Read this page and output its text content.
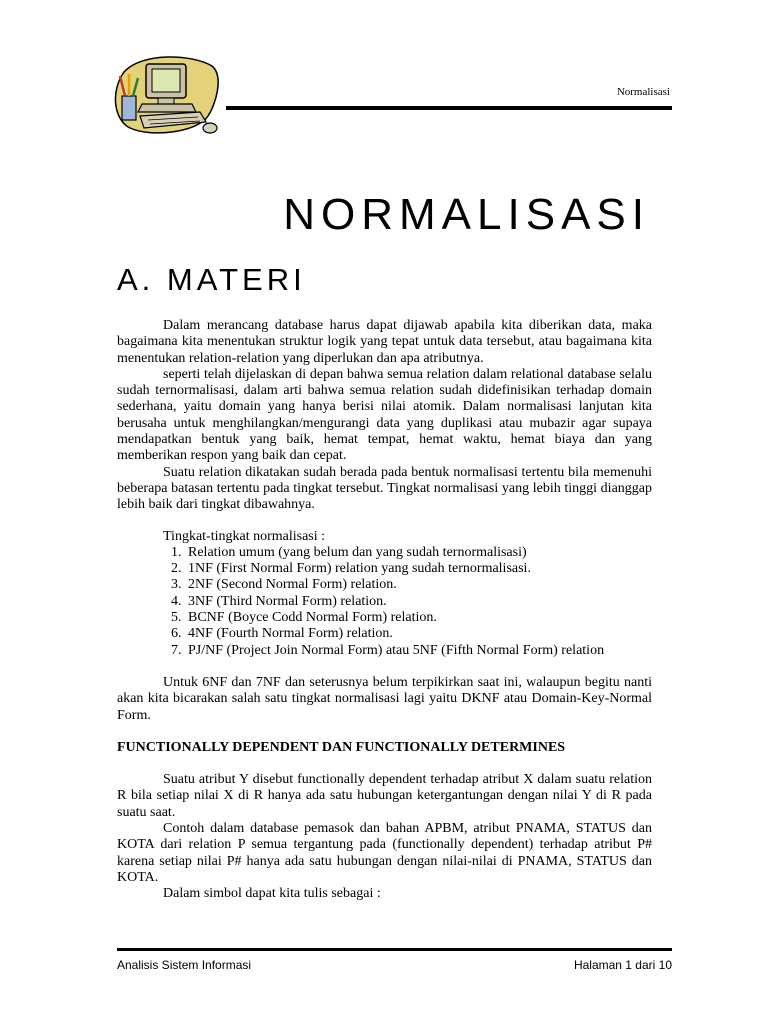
Normalisasi
NORMALISASI
A. MATERI

Dalam merancang database harus dapat dijawab apabila kita diberikan data, maka bagaimana kita menentukan struktur logik yang tepat untuk data tersebut, atau bagaimana kita menentukan relation-relation yang diperlukan dan apa atributnya.

seperti telah dijelaskan di depan bahwa semua relation dalam relational database selalu sudah ternormalisasi, dalam arti bahwa semua relation sudah didefinisikan terhadap domain sederhana, yaitu domain yang hanya berisi nilai atomik. Dalam normalisasi lanjutan kita berusaha untuk menghilangkan/mengurangi data yang duplikasi atau mubazir agar supaya mendapatkan bentuk yang baik, hemat tempat, hemat waktu, hemat biaya dan yang memberikan respon yang baik dan cepat.

Suatu relation dikatakan sudah berada pada bentuk normalisasi tertentu bila memenuhi beberapa batasan tertentu pada tingkat tersebut. Tingkat normalisasi yang lebih tinggi dianggap lebih baik dari tingkat dibawahnya.

Tingkat-tingkat normalisasi :
1. Relation umum (yang belum dan yang sudah ternormalisasi)
2. 1NF (First Normal Form) relation yang sudah ternormalisasi.
3. 2NF (Second Normal Form) relation.
4. 3NF (Third Normal Form) relation.
5. BCNF (Boyce Codd Normal Form) relation.
6. 4NF (Fourth Normal Form) relation.
7. PJ/NF (Project Join Normal Form) atau 5NF (Fifth Normal Form) relation

Untuk 6NF dan 7NF dan seterusnya belum terpikirkan saat ini, walaupun begitu nanti akan kita bicarakan salah satu tingkat normalisasi lagi yaitu DKNF atau Domain-Key-Normal Form.

FUNCTIONALLY DEPENDENT DAN FUNCTIONALLY DETERMINES

Suatu atribut Y disebut functionally dependent terhadap atribut X dalam suatu relation R bila setiap nilai X di R hanya ada satu hubungan ketergantungan dengan nilai Y di R pada suatu saat.

Contoh dalam database pemasok dan bahan APBM, atribut PNAMA, STATUS dan KOTA dari relation P semua tergantung pada (functionally dependent) terhadap atribut P# karena setiap nilai P# hanya ada satu hubungan dengan nilai-nilai di PNAMA, STATUS dan KOTA.

Dalam simbol dapat kita tulis sebagai :

Analisis Sistem Informasi	Halaman 1 dari 10
